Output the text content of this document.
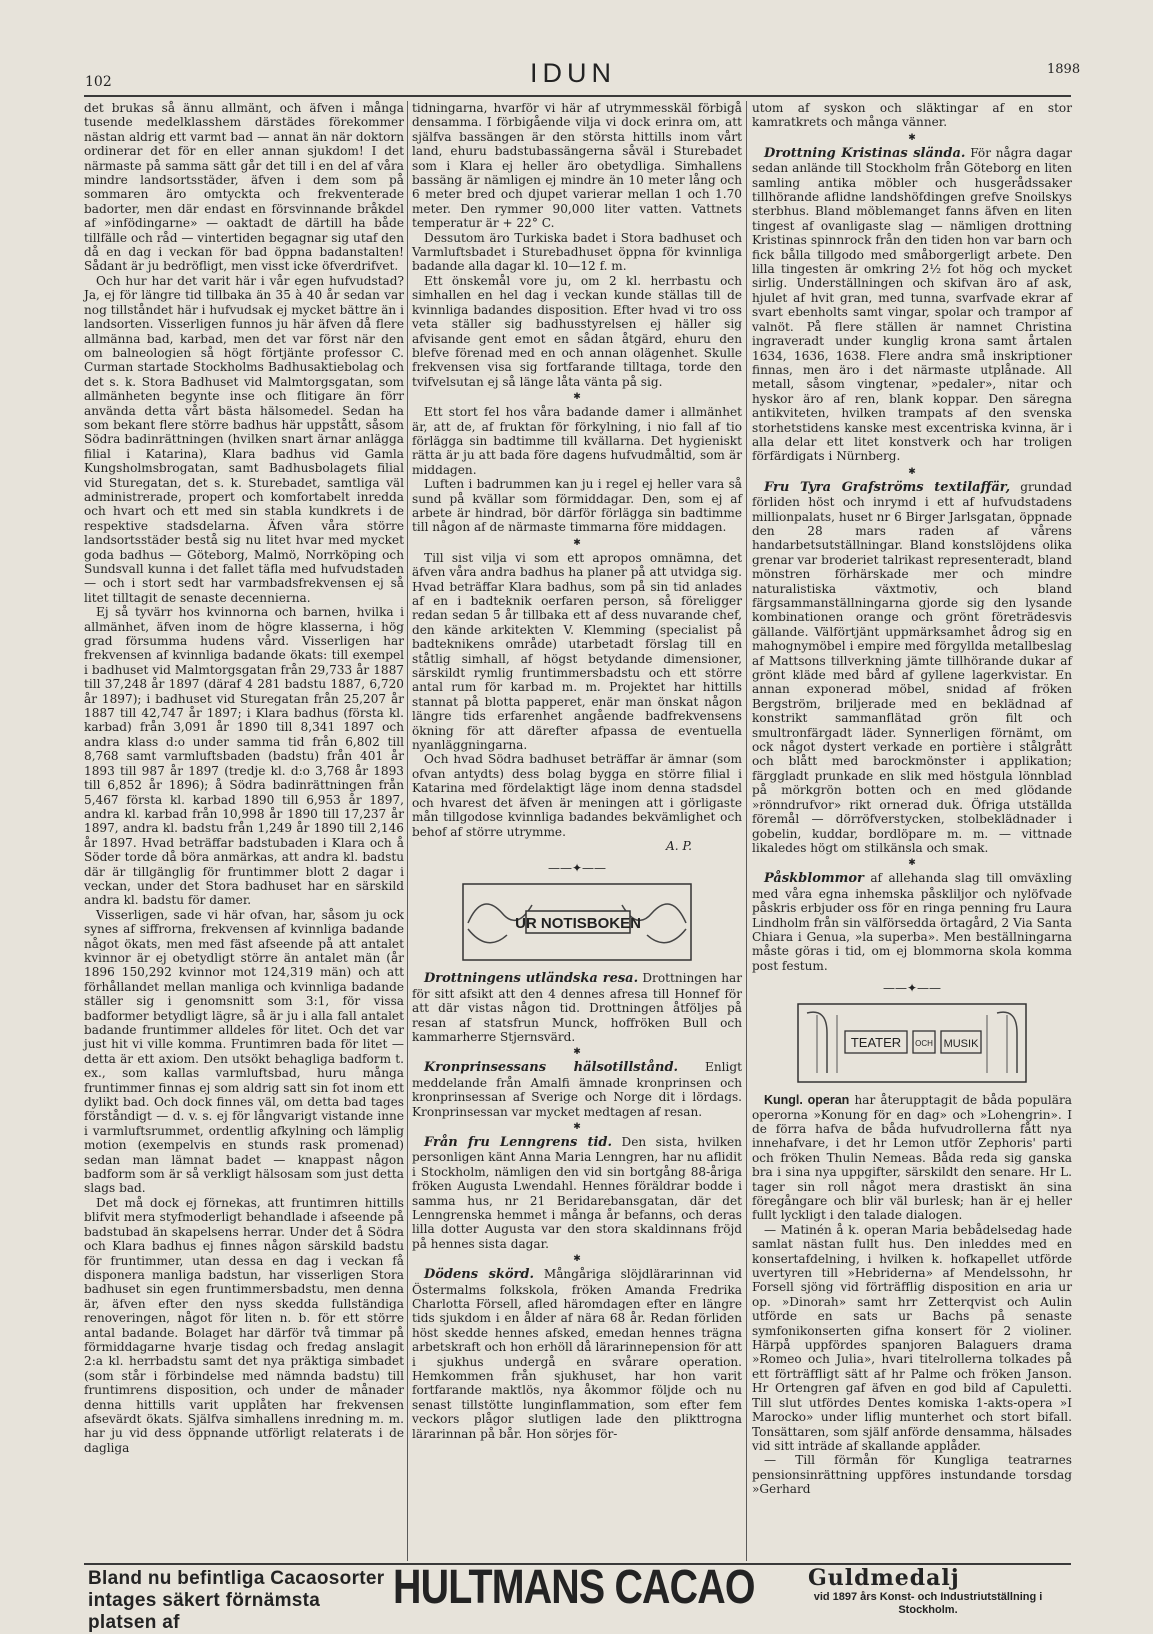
102	IDUN	1898

det brukas så ännu allmänt, och äfven i många tusende medelklasshem därstädes förekommer nästan aldrig ett varmt bad — annat än när doktorn ordinerar det för en eller annan sjukdom! I det närmaste på samma sätt går det till i en del af våra mindre landsortsstäder, äfven i dem som på sommaren äro omtyckta och frekventerade badorter, men där endast en försvinnande bråkdel af »infödingarne» — oaktadt de därtill ha både tillfälle och råd — vintertiden begagnar sig utaf den då en dag i veckan för bad öppna badanstalten! Sådant är ju bedröfligt, men visst icke öfverdrifvet.

Och hur har det varit här i vår egen hufvudstad? Ja, ej för längre tid tillbaka än 35 à 40 år sedan var nog tillståndet här i hufvudsak ej mycket bättre än i landsorten. Visserligen funnos ju här äfven då flere allmänna bad, karbad, men det var först när den om balneologien så högt förtjänte professor C. Curman startade Stockholms Badhusaktiebolag och det s. k. Stora Badhuset vid Malmtorgsgatan, som allmänheten begynte inse och flitigare än förr använda detta vårt bästa hälsomedel. Sedan ha som bekant flere större badhus här uppstått, såsom Södra badinrättningen (hvilken snart ärnar anlägga filial i Katarina), Klara badhus vid Gamla Kungsholmsbrogatan, samt Badhusbolagets filial vid Sturegatan, det s. k. Sturebadet, samtliga väl administrerade, propert och komfortabelt inredda och hvart och ett med sin stabla kundkrets i de respektive stadsdelarna. Äfven våra större landsortsstäder bestå sig nu litet hvar med mycket goda badhus — Göteborg, Malmö, Norrköping och Sundsvall kunna i det fallet täfla med hufvudstaden — och i stort sedt har varmbadsfrekvensen ej så litet tilltagit de senaste decennierna.

Ej så tyvärr hos kvinnorna och barnen, hvilka i allmänhet, äfven inom de högre klasserna, i hög grad försumma hudens vård. Visserligen har frekvensen af kvinnliga badande ökats: till exempel i badhuset vid Malmtorgsgatan från 29,733 år 1887 till 37,248 år 1897 (däraf 4 281 badstu 1887, 6,720 år 1897); i badhuset vid Sturegatan från 25,207 år 1887 till 42,747 år 1897; i Klara badhus (första kl. karbad) från 3,091 år 1890 till 8,341 1897 och andra klass d:o under samma tid från 6,802 till 8,768 samt varmluftsbaden (badstu) från 401 år 1893 till 987 år 1897 (tredje kl. d:o 3,768 år 1893 till 6,852 år 1896); å Södra badinrättningen från 5,467 första kl. karbad 1890 till 6,953 år 1897, andra kl. karbad från 10,998 år 1890 till 17,237 år 1897, andra kl. badstu från 1,249 år 1890 till 2,146 år 1897. Hvad beträffar badstubaden i Klara och å Söder torde då böra anmärkas, att andra kl. badstu där är tillgänglig för fruntimmer blott 2 dagar i veckan, under det Stora badhuset har en särskild andra kl. badstu för damer.

Visserligen, sade vi här ofvan, har, såsom ju ock synes af siffrorna, frekvensen af kvinnliga badande något ökats, men med fäst afseende på att antalet kvinnor är ej obetydligt större än antalet män (år 1896 150,292 kvinnor mot 124,319 män) och att förhållandet mellan manliga och kvinnliga badande ställer sig i genomsnitt som 3:1, för vissa badformer betydligt lägre, så är ju i alla fall antalet badande fruntimmer alldeles för litet. Och det var just hit vi ville komma. Fruntimren bada för litet — detta är ett axiom. Den utsökt behagliga badform t. ex., som kallas varmluftsbad, huru många fruntimmer finnas ej som aldrig satt sin fot inom ett dylikt bad. Och dock finnes väl, om detta bad tages förståndigt — d. v. s. ej för långvarigt vistande inne i varmluftsrummet, ordentlig afkylning och lämplig motion (exempelvis en stunds rask promenad) sedan man lämnat badet — knappast någon badform som är så verkligt hälsosam som just detta slags bad.

Det må dock ej förnekas, att fruntimren hittills blifvit mera styfmoderligt behandlade i afseende på badstubad än skapelsens herrar. Under det å Södra och Klara badhus ej finnes någon särskild badstu för fruntimmer, utan dessa en dag i veckan få disponera manliga badstun, har visserligen Stora badhuset sin egen fruntimmersbadstu, men denna är, äfven efter den nyss skedda fullständiga renoveringen, något för liten n. b. för ett större antal badande. Bolaget har därför två timmar på förmiddagarne hvarje tisdag och fredag anslagit 2:a kl. herrbadstu samt det nya präktiga simbadet (som står i förbindelse med nämnda badstu) till fruntimrens disposition, och under de månader denna hittills varit upplåten har frekvensen afsevärdt ökats. Själfva simhallens inredning m. m. har ju vid dess öppnande utförligt relaterats i de dagliga

tidningarna, hvarför vi här af utrymmesskäl förbigå densamma. I förbigående vilja vi dock erinra om, att själfva bassängen är den största hittills inom vårt land, ehuru badstubassängerna såväl i Sturebadet som i Klara ej heller äro obetydliga. Simhallens bassäng är nämligen ej mindre än 10 meter lång och 6 meter bred och djupet varierar mellan 1 och 1.70 meter. Den rymmer 90,000 liter vatten. Vattnets temperatur är + 22° C.

Dessutom äro Turkiska badet i Stora badhuset och Varmluftsbadet i Sturebadhuset öppna för kvinnliga badande alla dagar kl. 10—12 f. m.

Ett önskemål vore ju, om 2 kl. herrbastu och simhallen en hel dag i veckan kunde ställas till de kvinnliga badandes disposition. Efter hvad vi tro oss veta ställer sig badhusstyrelsen ej häller sig afvisande gent emot en sådan åtgärd, ehuru den blefve förenad med en och annan olägenhet. Skulle frekvensen visa sig fortfarande tilltaga, torde den tvifvelsutan ej så länge låta vänta på sig.

✱

Ett stort fel hos våra badande damer i allmänhet är, att de, af fruktan för förkylning, i nio fall af tio förlägga sin badtimme till kvällarna. Det hygieniskt rätta är ju att bada före dagens hufvudmåltid, som är middagen.

Luften i badrummen kan ju i regel ej heller vara så sund på kvällar som förmiddagar. Den, som ej af arbete är hindrad, bör därför förlägga sin badtimme till någon af de närmaste timmarna före middagen.

✱

Till sist vilja vi som ett apropos omnämna, det äfven våra andra badhus ha planer på att utvidga sig. Hvad beträffar Klara badhus, som på sin tid anlades af en i badteknik oerfaren person, så föreligger redan sedan 5 år tillbaka ett af dess nuvarande chef, den kände arkitekten V. Klemming (specialist på badteknikens område) utarbetadt förslag till en ståtlig simhall, af högst betydande dimensioner, särskildt rymlig fruntimmersbadstu och ett större antal rum för karbad m. m. Projektet har hittills stannat på blotta papperet, enär man önskat någon längre tids erfarenhet angående badfrekvensens ökning för att därefter afpassa de eventuella nyanläggningarna.

Och hvad Södra badhuset beträffar är ämnar (som ofvan antydts) dess bolag bygga en större filial i Katarina med fördelaktigt läge inom denna stadsdel och hvarest det äfven är meningen att i görligaste mån tillgodose kvinnliga badandes bekvämlighet och behof af större utrymme.

A. P.
——✦——
UR NOTISBOKEN

Drottningens utländska resa. Drottningen har för sitt afsikt att den 4 dennes afresa till Honnef för att där vistas någon tid. Drottningen åtföljes på resan af statsfrun Munck, hoffröken Bull och kammarherre Stjernsvärd.

✱

Kronprinsessans hälsotillstånd. Enligt meddelande från Amalfi ämnade kronprinsen och kronprinsessan af Sverige och Norge dit i lördags. Kronprinsessan var mycket medtagen af resan.

✱

Från fru Lenngrens tid. Den sista, hvilken personligen känt Anna Maria Lenngren, har nu aflidit i Stockholm, nämligen den vid sin bortgång 88-åriga fröken Augusta Lwendahl. Hennes föräldrar bodde i samma hus, nr 21 Beridarebansgatan, där det Lenngrenska hemmet i många år befanns, och deras lilla dotter Augusta var den stora skaldinnans fröjd på hennes sista dagar.

✱

Dödens skörd. Mångåriga slöjdlärarinnan vid Östermalms folkskola, fröken Amanda Fredrika Charlotta Försell, afled häromdagen efter en längre tids sjukdom i en ålder af nära 68 år. Redan förliden höst skedde hennes afsked, emedan hennes trägna arbetskraft och hon erhöll då lärarinnepension för att i sjukhus undergå en svårare operation. Hemkommen från sjukhuset, har hon varit fortfarande maktlös, nya åkommor följde och nu senast tillstötte lunginflammation, som efter fem veckors plågor slutligen lade den plikttrogna lärarinnan på bår. Hon sörjes för-

utom af syskon och släktingar af en stor kamratkrets och många vänner.

✱

Drottning Kristinas slända. För några dagar sedan anlände till Stockholm från Göteborg en liten samling antika möbler och husgerådssaker tillhörande aflidne landshöfdingen grefve Snoilskys sterbhus. Bland möblemanget fanns äfven en liten tingest af ovanligaste slag — nämligen drottning Kristinas spinnrock från den tiden hon var barn och fick bålla tillgodo med småborgerligt arbete. Den lilla tingesten är omkring 2½ fot hög och mycket sirlig. Underställningen och skifvan äro af ask, hjulet af hvit gran, med tunna, svarfvade ekrar af svart ebenholts samt vingar, spolar och trampor af valnöt. På flere ställen är namnet Christina ingraveradt under kunglig krona samt årtalen 1634, 1636, 1638. Flere andra små inskriptioner finnas, men äro i det närmaste utplånade. All metall, såsom vingtenar, »pedaler», nitar och hyskor äro af ren, blank koppar. Den säregna antikviteten, hvilken trampats af den svenska storhetstidens kanske mest excentriska kvinna, är i alla delar ett litet konstverk och har troligen förfärdigats i Nürnberg.

✱

Fru Tyra Grafströms textilaffär, grundad förliden höst och inrymd i ett af hufvudstadens millionpalats, huset nr 6 Birger Jarlsgatan, öppnade den 28 mars raden af vårens handarbetsutställningar. Bland konstslöjdens olika grenar var broderiet talrikast representeradt, bland mönstren förhärskade mer och mindre naturalistiska växtmotiv, och bland färgsammanställningarna gjorde sig den lysande kombinationen orange och grönt företrädesvis gällande. Välförtjänt uppmärksamhet ådrog sig en mahognymöbel i empire med förgyllda metallbeslag af Mattsons tillverkning jämte tillhörande dukar af grönt kläde med bård af gyllene lagerkvistar. En annan exponerad möbel, snidad af fröken Bergström, briljerade med en beklädnad af konstrikt sammanflätad grön filt och smultronfärgadt läder. Synnerligen förnämt, om ock något dystert verkade en portière i stålgrått och blått med barockmönster i applikation; färggladt prunkade en slik med höstgula lönnblad på mörkgrön botten och en med glödande »rönndrufvor» rikt ornerad duk. Öfriga utställda föremål — dörröfverstycken, stolbeklädnader i gobelin, kuddar, bordlöpare m. m. — vittnade likaledes högt om stilkänsla och smak.

✱

Påskblommor af allehanda slag till omväxling med våra egna inhemska påskliljor och nylöfvade påskris erbjuder oss för en ringa penning fru Laura Lindholm från sin välförsedda örtagård, 2 Via Santa Chiara i Genua, »la superba». Men beställningarna måste göras i tid, om ej blommorna skola komma post festum.

——✦——
TEATER OCH MUSIK

Kungl. operan har återupptagit de båda populära operorna »Konung för en dag» och »Lohengrin». I de förra hafva de båda hufvudrollerna fått nya innehafvare, i det hr Lemon utför Zephoris' parti och fröken Thulin Nemeas. Båda reda sig ganska bra i sina nya uppgifter, särskildt den senare. Hr L. tager sin roll något mera drastiskt än sina föregångare och blir väl burlesk; han är ej heller fullt lyckligt i den talade dialogen.

— Matinén å k. operan Maria bebådelsedag hade samlat nästan fullt hus. Den inleddes med en konsertafdelning, i hvilken k. hofkapellet utförde uvertyren till »Hebriderna» af Mendelssohn, hr Forsell sjöng vid förträfflig disposition en aria ur op. »Dinorah» samt hrr Zetterqvist och Aulin utförde en sats ur Bachs på senaste symfonikonserten gifna konsert för 2 violiner. Härpå uppfördes spanjoren Balaguers drama »Romeo och Julia», hvari titelrollerna tolkades på ett förträffligt sätt af hr Palme och fröken Janson. Hr Ortengren gaf äfven en god bild af Capuletti. Till slut utfördes Dentes komiska 1-akts-opera »I Marocko» under liflig munterhet och stort bifall. Tonsättaren, som själf anförde densamma, hälsades vid sitt inträde af skallande applåder.

— Till förmån för Kungliga teatrarnes pensionsinrättning uppföres instundande torsdag »Gerhard

Bland nu befintliga Cacaosorter
intages säkert förnämsta platsen af
HULTMANS CACAO Guldmedalj
vid 1897 års Konst- och Industriutställning i Stockholm.
